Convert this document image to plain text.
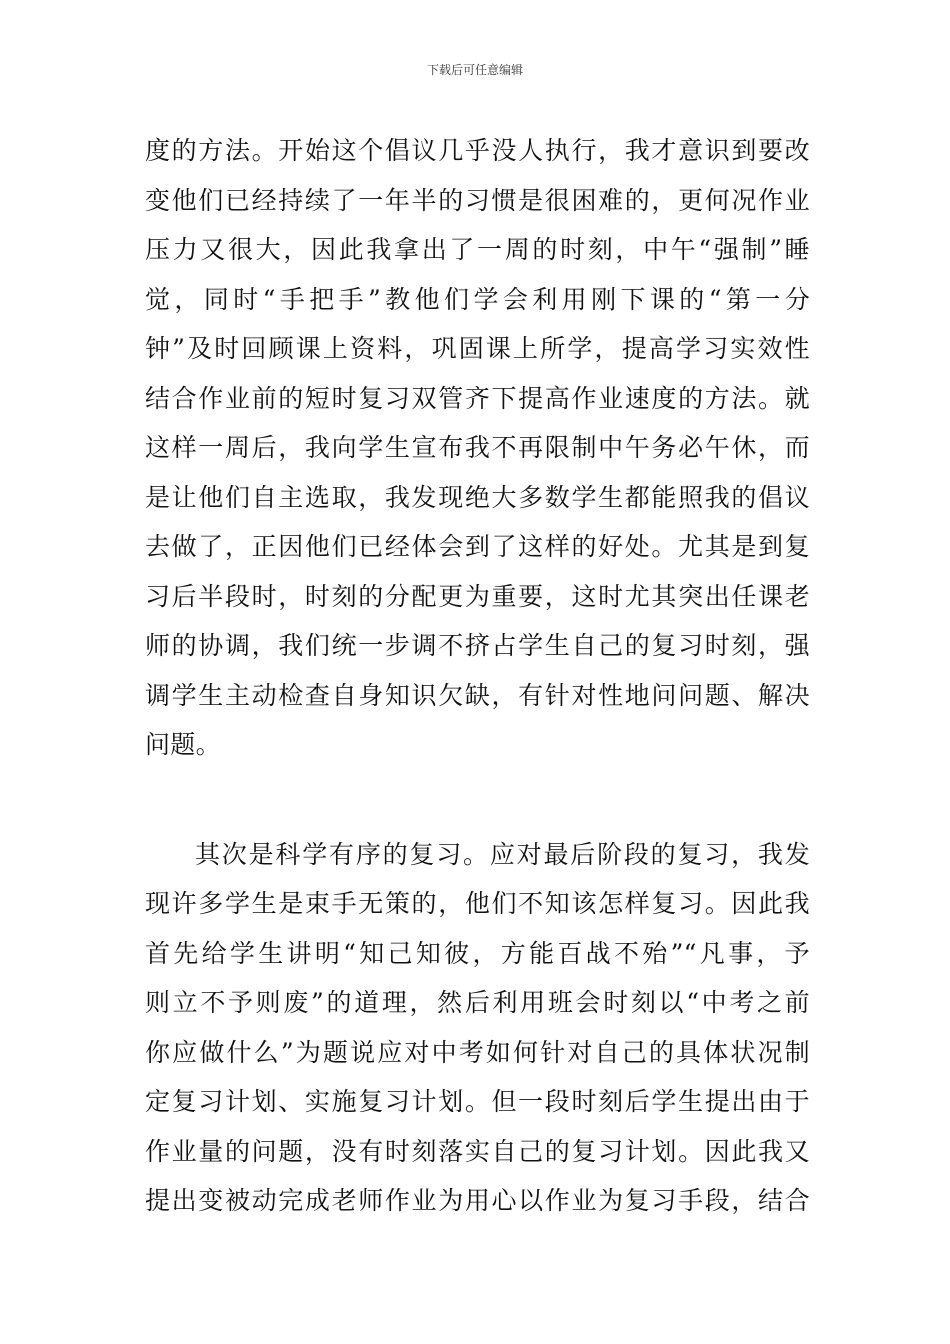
下载后可任意编辑
度的方法。开始这个倡议几乎没人执行，我才意识到要改
变他们已经持续了一年半的习惯是很困难的，更何况作业
压力又很大，因此我拿出了一周的时刻，中午“强制”睡
觉，同时“手把手”教他们学会利用刚下课的“第一分
钟”及时回顾课上资料，巩固课上所学，提高学习实效性
结合作业前的短时复习双管齐下提高作业速度的方法。就
这样一周后，我向学生宣布我不再限制中午务必午休，而
是让他们自主选取，我发现绝大多数学生都能照我的倡议
去做了，正因他们已经体会到了这样的好处。尤其是到复
习后半段时，时刻的分配更为重要，这时尤其突出任课老
师的协调，我们统一步调不挤占学生自己的复习时刻，强
调学生主动检查自身知识欠缺，有针对性地问问题、解决
问题。
其次是科学有序的复习。应对最后阶段的复习，我发
现许多学生是束手无策的，他们不知该怎样复习。因此我
首先给学生讲明“知己知彼，方能百战不殆”“凡事，予
则立不予则废”的道理，然后利用班会时刻以“中考之前
你应做什么”为题说应对中考如何针对自己的具体状况制
定复习计划、实施复习计划。但一段时刻后学生提出由于
作业量的问题，没有时刻落实自己的复习计划。因此我又
提出变被动完成老师作业为用心以作业为复习手段，结合
